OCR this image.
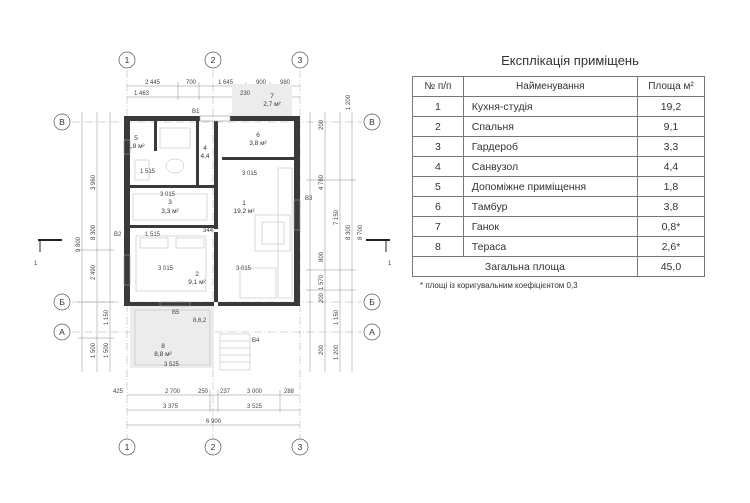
1	2	3
1	2	3
В	В
Б	Б
А	А
1	1
1
19,2 м²
2
9,1 м²
3
3,3 м²
4
4,4
5
1,8 м²
6
3,8 м²
7
2,7 м²
8
8,8 м²
В1
В2
В3
В4
В5
8,6,2
344
3 015
3 015
3 015
1 515
3 015
1 515
2 445	700	1 645	900 980
1 463	230
2 700	250 237	3 000	288
425
3 375	3 525
6 900
3 525
3 960
8 300
9 800
2 490
1 150
1 500 1 500
200
4 780
7 150
8 300 8 700
1 570
800
200
1 150
1 200
200 1 200
Експлікація приміщень
№ п/п	Найменування	Площа м²
1	Кухня-студія	19,2
2	Спальня	9,1
3	Гардероб	3,3
4	Санвузол	4,4
5	Допоміжне приміщення	1,8
6	Тамбур	3,8
7	Ганок	0,8*
8	Тераса	2,6*
Загальна площа		45,0
* площі із коригувальним коефіцієнтом 0,3
